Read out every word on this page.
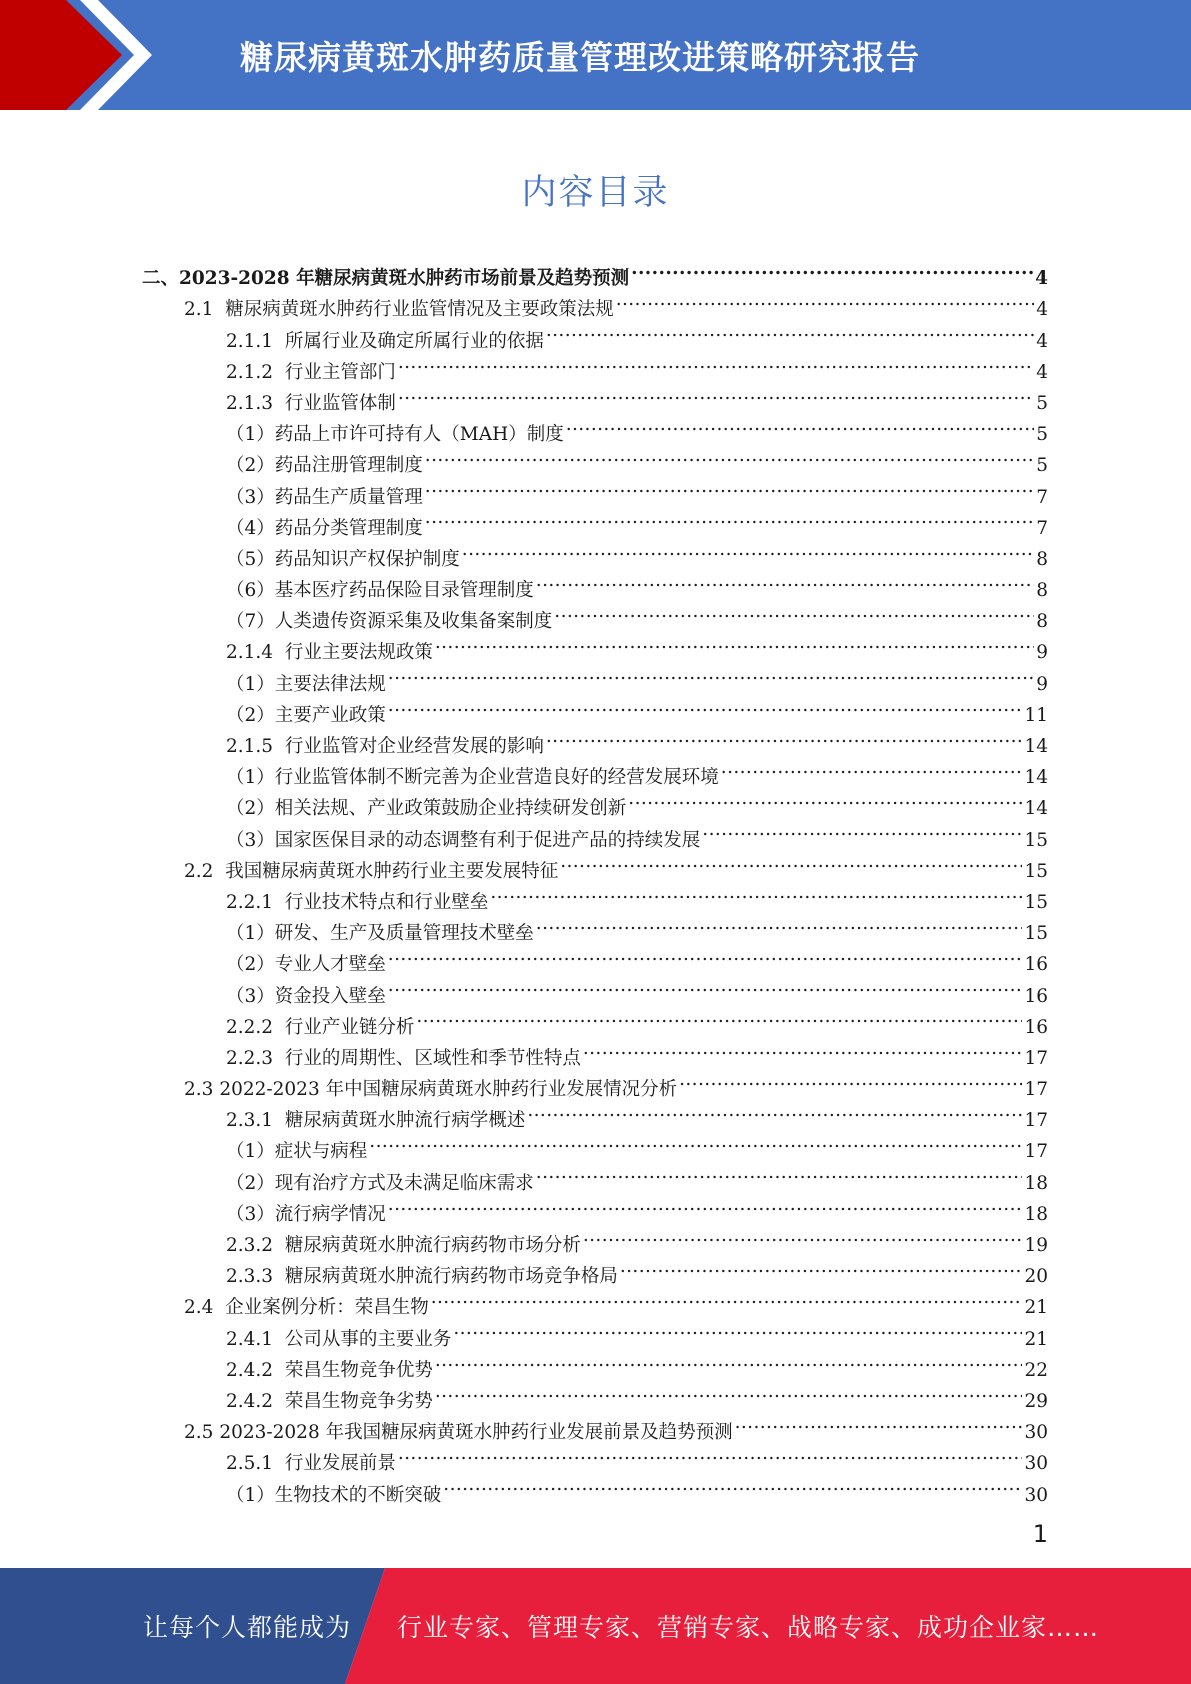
糖尿病黄斑水肿药质量管理改进策略研究报告
内容目录
二、 2023-2028 年糖尿病黄斑水肿药市场前景及趋势预测 .....	4
2.1 糖尿病黄斑水肿药行业监管情况及主要政策法规 .....	4
2.1.1 所属行业及确定所属行业的依据 .....	4
2.1.2 行业主管部门 .....	4
2.1.3 行业监管体制 .....	5
（1） 药品上市许可持有人（MAH）制度 .....	5
（2） 药品注册管理制度 .....	5
（3） 药品生产质量管理 .....	7
（4） 药品分类管理制度 .....	7
（5） 药品知识产权保护制度 .....	8
（6） 基本医疗药品保险目录管理制度 .....	8
（7） 人类遗传资源采集及收集备案制度 .....	8
2.1.4 行业主要法规政策 .....	9
（1） 主要法律法规 .....	9
（2） 主要产业政策 .....	11
2.1.5 行业监管对企业经营发展的影响 .....	14
（1） 行业监管体制不断完善为企业营造良好的经营发展环境 .....	14
（2） 相关法规、产业政策鼓励企业持续研发创新 .....	14
（3） 国家医保目录的动态调整有利于促进产品的持续发展 .....	15
2.2 我国糖尿病黄斑水肿药行业主要发展特征 .....	15
2.2.1 行业技术特点和行业壁垒 .....	15
（1） 研发、生产及质量管理技术壁垒 .....	15
（2） 专业人才壁垒 .....	16
（3） 资金投入壁垒 .....	16
2.2.2 行业产业链分析 .....	16
2.2.3 行业的周期性、区域性和季节性特点 .....	17
2.3 2022-2023 年中国糖尿病黄斑水肿药行业发展情况分析 .....	17
2.3.1 糖尿病黄斑水肿流行病学概述 .....	17
（1） 症状与病程 .....	17
（2） 现有治疗方式及未满足临床需求 .....	18
（3） 流行病学情况 .....	18
2.3.2 糖尿病黄斑水肿流行病药物市场分析 .....	19
2.3.3 糖尿病黄斑水肿流行病药物市场竞争格局 .....	20
2.4 企业案例分析：荣昌生物 .....	21
2.4.1 公司从事的主要业务 .....	21
2.4.2 荣昌生物竞争优势 .....	22
2.4.2 荣昌生物竞争劣势 .....	29
2.5 2023-2028 年我国糖尿病黄斑水肿药行业发展前景及趋势预测 .....	30
2.5.1 行业发展前景 .....	30
（1） 生物技术的不断突破 .....	30
1
让每个人都能成为 行业专家、管理专家、营销专家、战略专家、成功企业家……
